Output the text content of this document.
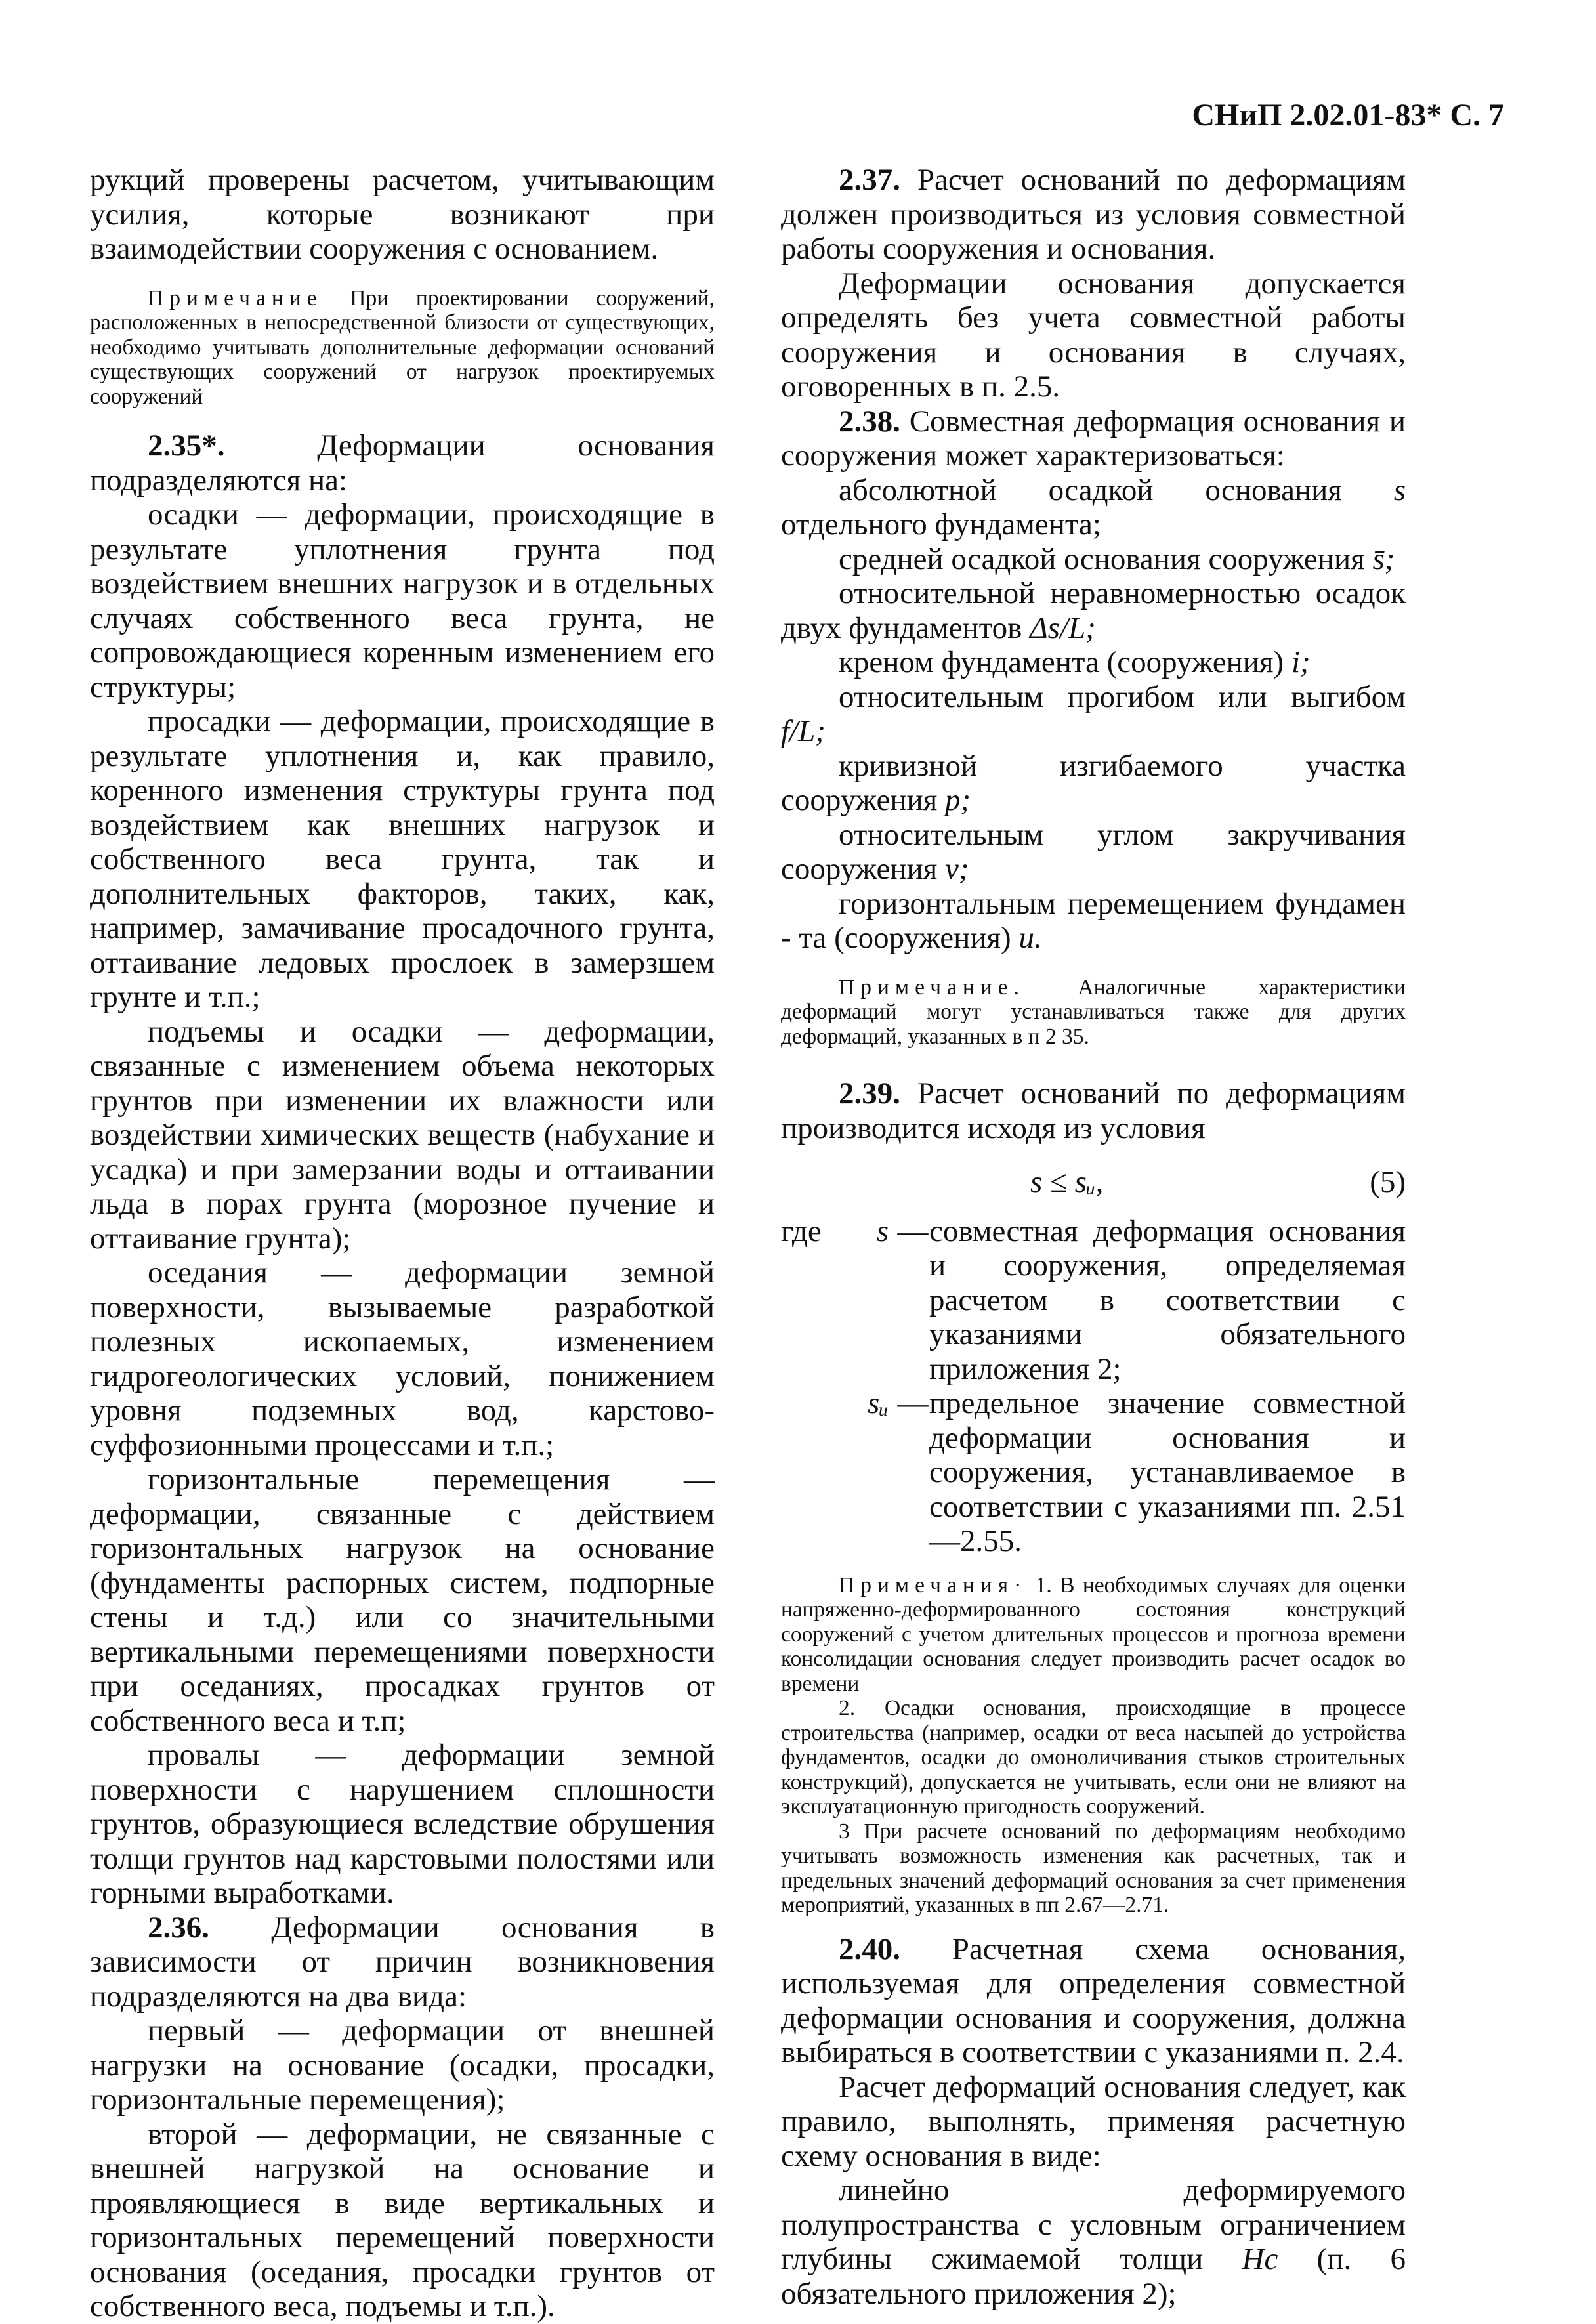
СНиП 2.02.01-83* С. 7

рукций проверены расчетом, учитывающим усилия, которые возникают при взаимодействии сооружения с основанием.

Примечание При проектировании сооружений, расположенных в непосредственной близости от существующих, необходимо учитывать дополнительные деформации оснований существующих сооружений от нагрузок проектируемых сооружений

2.35*. Деформации основания подразделяются на:

осадки — деформации, происходящие в результате уплотнения грунта под воздействием внешних нагрузок и в отдельных случаях собственного веса грунта, не сопровождающиеся коренным изменением его структуры;

просадки — деформации, происходящие в результате уплотнения и, как правило, коренного изменения структуры грунта под воздействием как внешних нагрузок и собственного веса грунта, так и дополнительных факторов, таких, как, например, замачивание просадочного грунта, оттаивание ледовых прослоек в замерзшем грунте и т.п.;

подъемы и осадки — деформации, связанные с изменением объема некоторых грунтов при изменении их влажности или воздействии химических веществ (набухание и усадка) и при замерзании воды и оттаивании льда в порах грунта (морозное пучение и оттаивание грунта);

оседания — деформации земной поверхности, вызываемые разработкой полезных ископаемых, изменением гидрогеологических условий, понижением уровня подземных вод, карстово-суффозионными процессами и т.п.;

горизонтальные перемещения — деформации, связанные с действием горизонтальных нагрузок на основание (фундаменты распорных систем, подпорные стены и т.д.) или со значительными вертикальными перемещениями поверхности при оседаниях, просадках грунтов от собственного веса и т.п;

провалы — деформации земной поверхности с нарушением сплошности грунтов, образующиеся вследствие обрушения толщи грунтов над карстовыми полостями или горными выработками.

2.36. Деформации основания в зависимости от причин возникновения подразделяются на два вида:

первый — деформации от внешней нагрузки на основание (осадки, просадки, горизонтальные перемещения);

второй — деформации, не связанные с внешней нагрузкой на основание и проявляющиеся в виде вертикальных и горизонтальных перемещений поверхности основания (оседания, просадки грунтов от собственного веса, подъемы и т.п.).

2.37. Расчет оснований по деформациям должен производиться из условия совместной работы сооружения и основания.

Деформации основания допускается определять без учета совместной работы сооружения и основания в случаях, оговоренных в п. 2.5.

2.38. Совместная деформация основания и сооружения может характеризоваться:

абсолютной осадкой основания s отдельного фундамента;

средней осадкой основания сооружения s̄;

относительной неравномерностью осадок двух фундаментов Δs/L;

креном фундамента (сооружения) i;

относительным прогибом или выгибом f/L;

кривизной изгибаемого участка сооружения p;

относительным углом закручивания сооружения ν;

горизонтальным перемещением фундамен - та (сооружения) u.

Примечание. Аналогичные характеристики деформаций могут устанавливаться также для других деформаций, указанных в п 2 35.

2.39. Расчет оснований по деформациям производится исходя из условия

s ≤ sᵤ,	(5)
где s — совместная деформация основания и сооружения, определяемая расчетом в соответствии с указаниями обязательного приложения 2;
sᵤ — предельное значение совместной деформации основания и сооружения, устанавливаемое в соответствии с указаниями пп. 2.51—2.55.

Примечания· 1. В необходимых случаях для оценки напряженно-деформированного состояния конструкций сооружений с учетом длительных процессов и прогноза времени консолидации основания следует производить расчет осадок во времени

2. Осадки основания, происходящие в процессе строительства (например, осадки от веса насыпей до устройства фундаментов, осадки до омоноличивания стыков строительных конструкций), допускается не учитывать, если они не влияют на эксплуатационную пригодность сооружений.

3 При расчете оснований по деформациям необходимо учитывать возможность изменения как расчетных, так и предельных значений деформаций основания за счет применения мероприятий, указанных в пп 2.67—2.71.

2.40. Расчетная схема основания, используемая для определения совместной деформации основания и сооружения, должна выбираться в соответствии с указаниями п. 2.4.

Расчет деформаций основания следует, как правило, выполнять, применяя расчетную схему основания в виде:

линейно деформируемого полупространства с условным ограничением глубины сжимаемой толщи Hc (п. 6 обязательного приложения 2);
